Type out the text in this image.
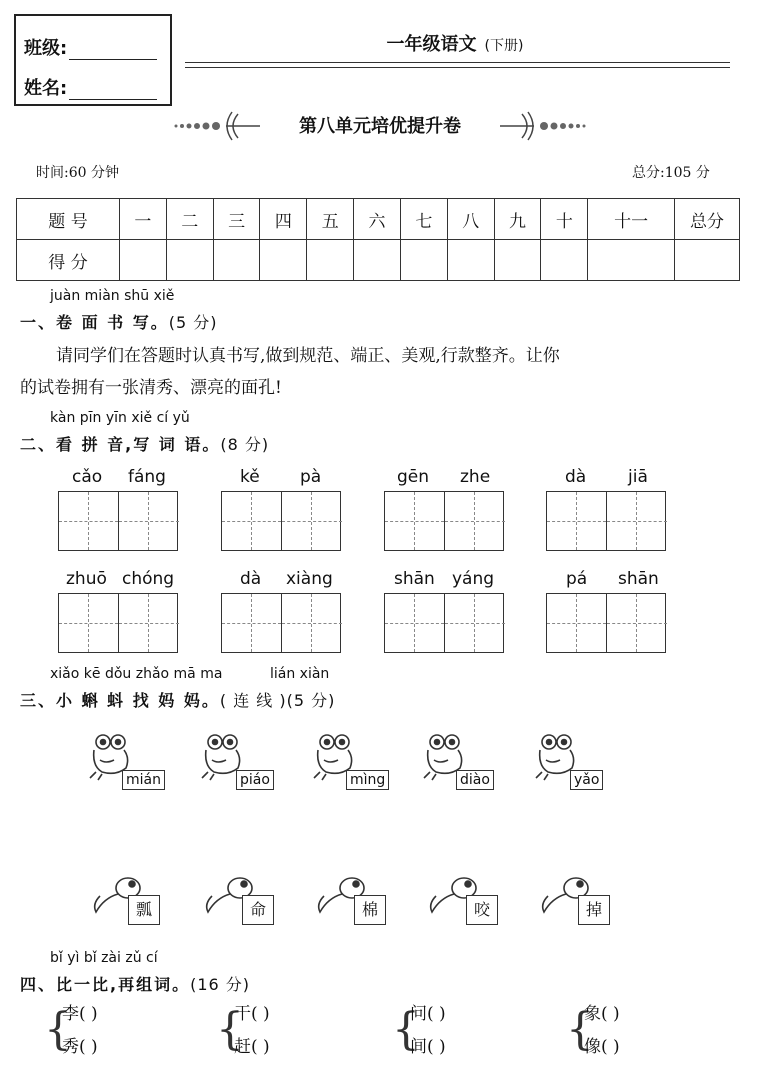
班级:
姓名:
一年级语文 (下册)
第八单元培优提升卷
时间:60 分钟	总分:105 分
题 号	一	二	三	四	五	六	七	八	九	十	十一	总分
得 分												
juàn miàn shū xiě
一、卷 面 书 写。(5 分)
请同学们在答题时认真书写,做到规范、端正、美观,行款整齐。让你
的试卷拥有一张清秀、漂亮的面孔!
kàn pīn yīn xiě cí yǔ
二、看 拼 音,写 词 语。(8 分)
cǎo fáng	kě pà	gēn zhe	dà jiā
zhuō chóng	dà xiàng	shān yáng	pá shān
xiǎo kē dǒu zhǎo mā ma	lián xiàn
三、小 蝌 蚪 找 妈 妈。( 连 线 )(5 分)
mián	piáo	mìng	diào	yǎo
瓢	命	棉	咬	掉
bǐ yì bǐ zài zǔ cí
四、比一比,再组词。(16 分)
{
李( )
秀( )	{
干( )
赶( )	{
问( )
间( )	{
象( )
像( )
